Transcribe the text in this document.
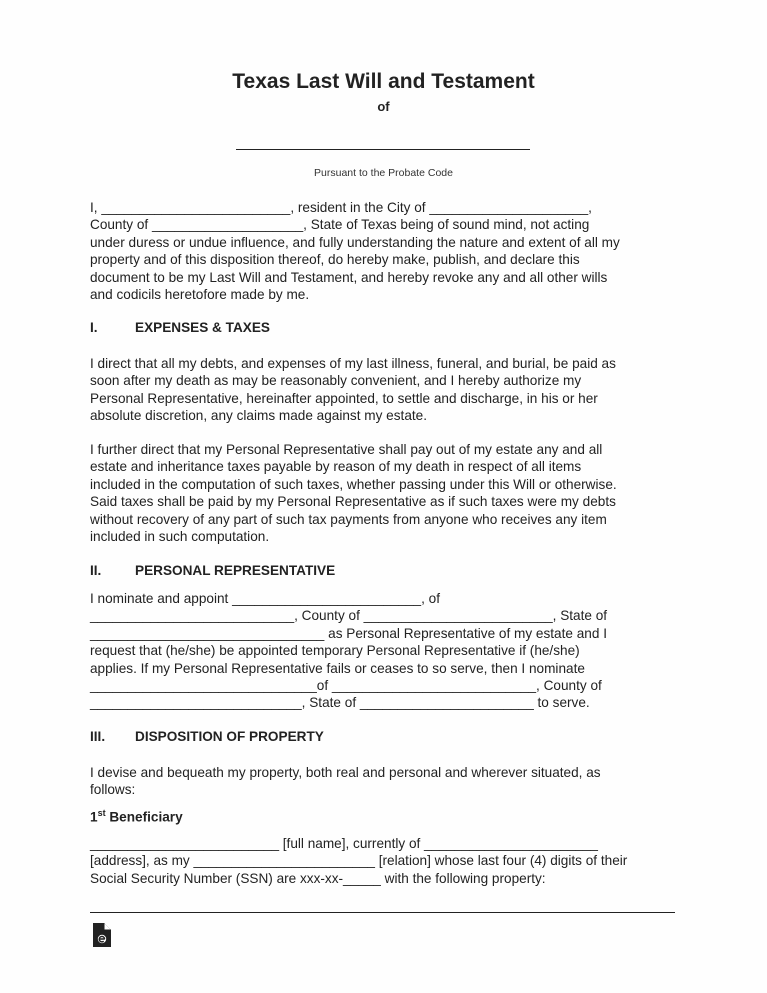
Texas Last Will and Testament
of
Pursuant to the Probate Code
I, _________________________, resident in the City of _____________________,
County of ____________________, State of Texas being of sound mind, not acting
under duress or undue influence, and fully understanding the nature and extent of all my
property and of this disposition thereof, do hereby make, publish, and declare this
document to be my Last Will and Testament, and hereby revoke any and all other wills
and codicils heretofore made by me.
I.	EXPENSES & TAXES
I direct that all my debts, and expenses of my last illness, funeral, and burial, be paid as
soon after my death as may be reasonably convenient, and I hereby authorize my
Personal Representative, hereinafter appointed, to settle and discharge, in his or her
absolute discretion, any claims made against my estate.
I further direct that my Personal Representative shall pay out of my estate any and all
estate and inheritance taxes payable by reason of my death in respect of all items
included in the computation of such taxes, whether passing under this Will or otherwise.
Said taxes shall be paid by my Personal Representative as if such taxes were my debts
without recovery of any part of such tax payments from anyone who receives any item
included in such computation.
II. PERSONAL REPRESENTATIVE
I nominate and appoint _________________________, of
___________________________, County of _________________________, State of
_______________________________ as Personal Representative of my estate and I
request that (he/she) be appointed temporary Personal Representative if (he/she)
applies. If my Personal Representative fails or ceases to so serve, then I nominate
______________________________of ___________________________, County of
____________________________, State of _______________________ to serve.
III. DISPOSITION OF PROPERTY
I devise and bequeath my property, both real and personal and wherever situated, as
follows:
1st Beneficiary
_________________________ [full name], currently of _______________________
[address], as my ________________________ [relation] whose last four (4) digits of their
Social Security Number (SSN) are xxx-xx-_____ with the following property:
